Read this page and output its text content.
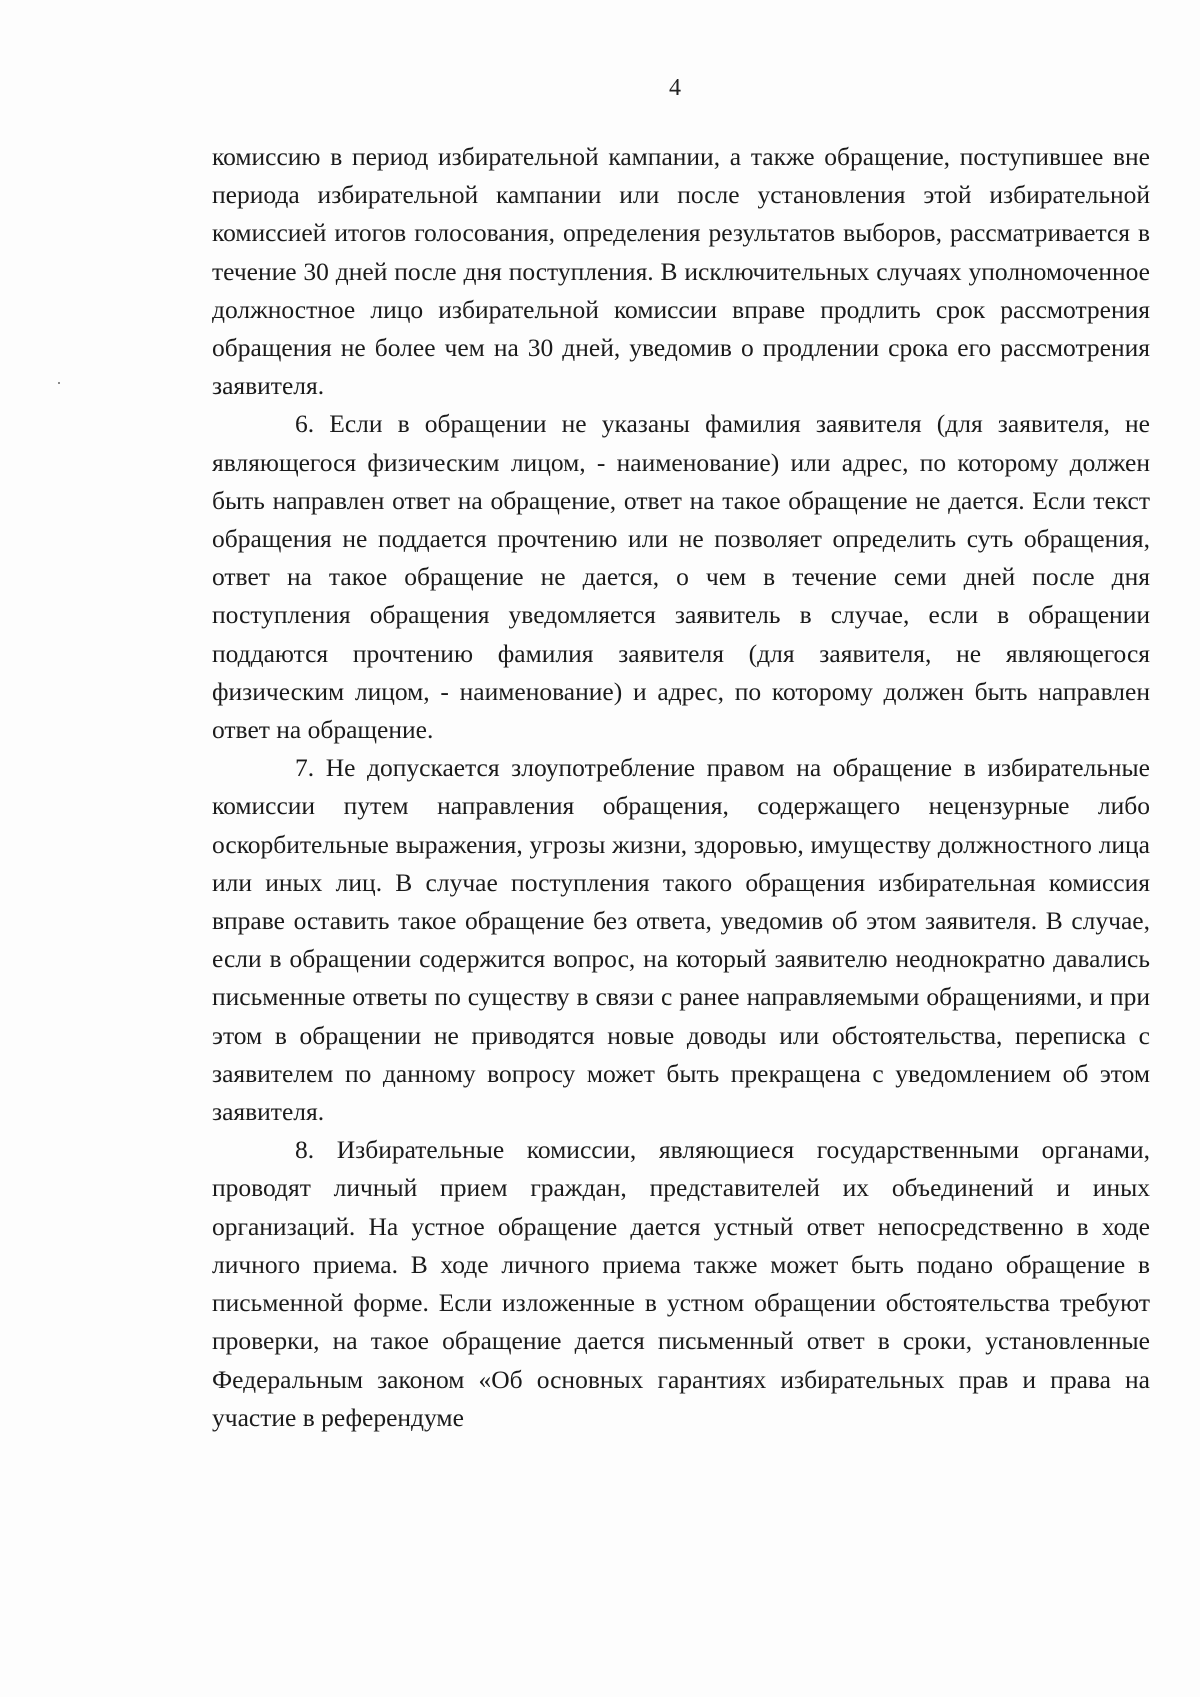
4

комиссию в период избирательной кампании, а также обращение, поступившее вне периода избирательной кампании или после установления этой избирательной комиссией итогов голосования, определения результатов выборов, рассматривается в течение 30 дней после дня поступления. В исключительных случаях уполномоченное должностное лицо избирательной комиссии вправе продлить срок рассмотрения обращения не более чем на 30 дней, уведомив о продлении срока его рассмотрения заявителя.

6. Если в обращении не указаны фамилия заявителя (для заявителя, не являющегося физическим лицом, - наименование) или адрес, по которому должен быть направлен ответ на обращение, ответ на такое обращение не дается. Если текст обращения не поддается прочтению или не позволяет определить суть обращения, ответ на такое обращение не дается, о чем в течение семи дней после дня поступления обращения уведомляется заявитель в случае, если в обращении поддаются прочтению фамилия заявителя (для заявителя, не являющегося физическим лицом, - наименование) и адрес, по которому должен быть направлен ответ на обращение.

7. Не допускается злоупотребление правом на обращение в избирательные комиссии путем направления обращения, содержащего нецензурные либо оскорбительные выражения, угрозы жизни, здоровью, имуществу должностного лица или иных лиц. В случае поступления такого обращения избирательная комиссия вправе оставить такое обращение без ответа, уведомив об этом заявителя. В случае, если в обращении содержится вопрос, на который заявителю неоднократно давались письменные ответы по существу в связи с ранее направляемыми обращениями, и при этом в обращении не приводятся новые доводы или обстоятельства, переписка с заявителем по данному вопросу может быть прекращена с уведомлением об этом заявителя.

8. Избирательные комиссии, являющиеся государственными органами, проводят личный прием граждан, представителей их объединений и иных организаций. На устное обращение дается устный ответ непосредственно в ходе личного приема. В ходе личного приема также может быть подано обращение в письменной форме. Если изложенные в устном обращении обстоятельства требуют проверки, на такое обращение дается письменный ответ в сроки, установленные Федеральным законом «Об основных гарантиях избирательных прав и права на участие в референдуме
